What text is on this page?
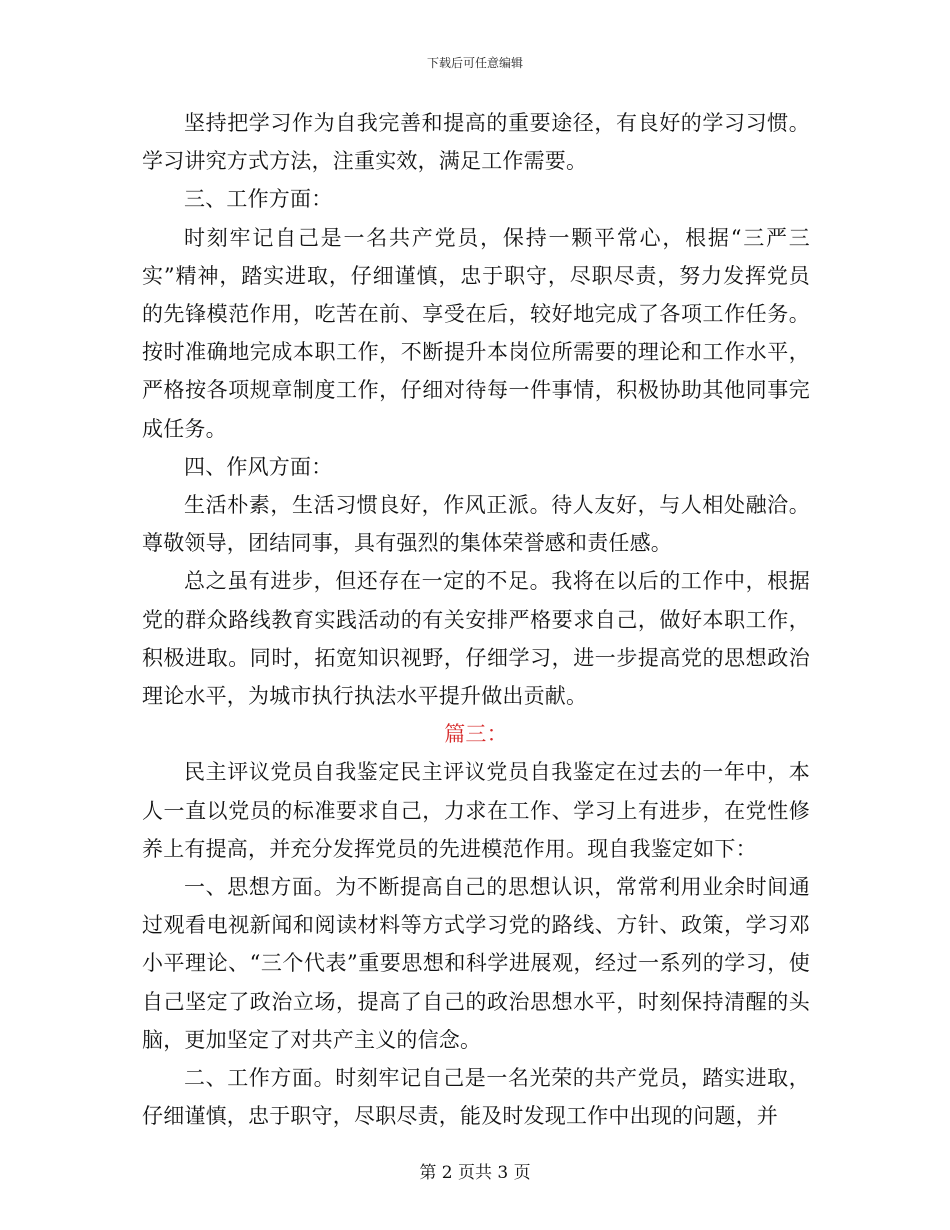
下载后可任意编辑

坚持把学习作为自我完善和提高的重要途径，有良好的学习习惯。学习讲究方式方法，注重实效，满足工作需要。

三、工作方面：

时刻牢记自己是一名共产党员，保持一颗平常心，根据“三严三实”精神，踏实进取，仔细谨慎，忠于职守，尽职尽责，努力发挥党员的先锋模范作用，吃苦在前、享受在后，较好地完成了各项工作任务。按时准确地完成本职工作，不断提升本岗位所需要的理论和工作水平，严格按各项规章制度工作，仔细对待每一件事情，积极协助其他同事完成任务。

四、作风方面：

生活朴素，生活习惯良好，作风正派。待人友好，与人相处融洽。尊敬领导，团结同事，具有强烈的集体荣誉感和责任感。

总之虽有进步，但还存在一定的不足。我将在以后的工作中，根据党的群众路线教育实践活动的有关安排严格要求自己，做好本职工作，积极进取。同时，拓宽知识视野，仔细学习，进一步提高党的思想政治理论水平，为城市执行执法水平提升做出贡献。

篇三：

民主评议党员自我鉴定民主评议党员自我鉴定在过去的一年中，本人一直以党员的标准要求自己，力求在工作、学习上有进步，在党性修养上有提高，并充分发挥党员的先进模范作用。现自我鉴定如下：

一、思想方面。为不断提高自己的思想认识，常常利用业余时间通过观看电视新闻和阅读材料等方式学习党的路线、方针、政策，学习邓小平理论、“三个代表”重要思想和科学进展观，经过一系列的学习，使自己坚定了政治立场，提高了自己的政治思想水平，时刻保持清醒的头脑，更加坚定了对共产主义的信念。

二、工作方面。时刻牢记自己是一名光荣的共产党员，踏实进取，仔细谨慎，忠于职守，尽职尽责，能及时发现工作中出现的问题，并

第 2 页共 3 页
